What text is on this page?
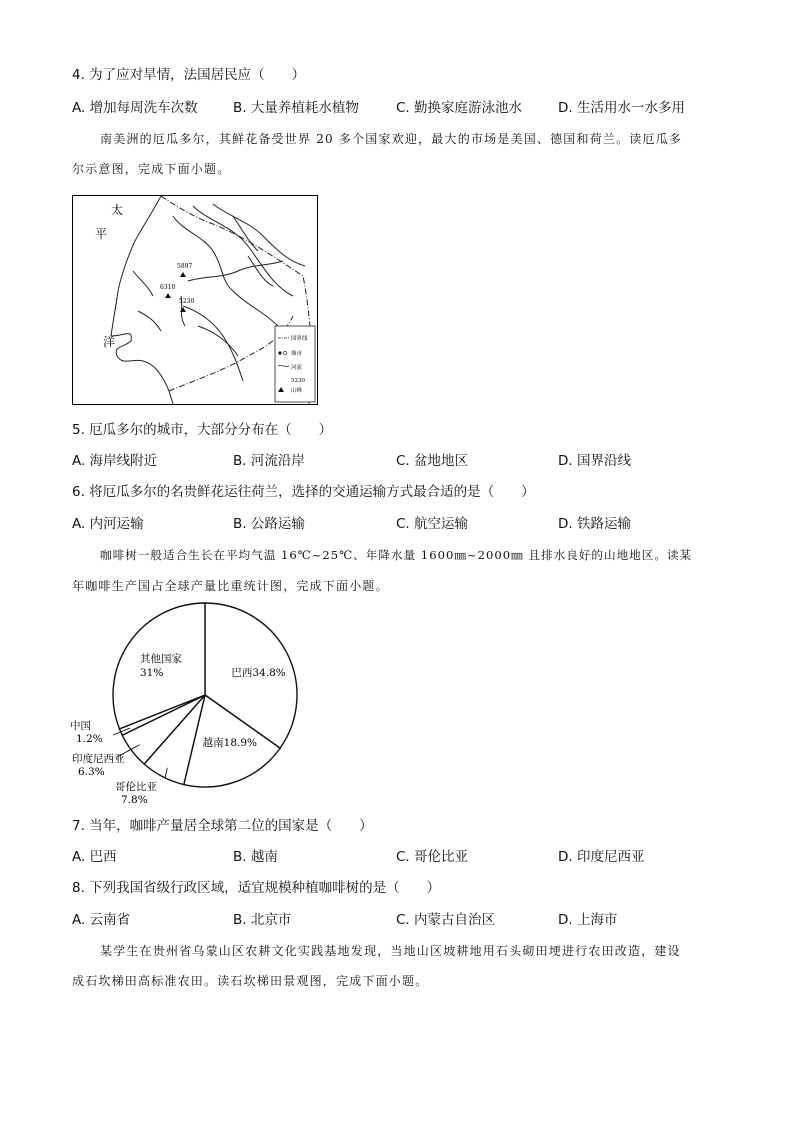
4. 为了应对旱情，法国居民应（　　）
A. 增加每周洗车次数	B. 大量养植耗水植物	C. 勤换家庭游泳池水	D. 生活用水一水多用
南美洲的厄瓜多尔，其鲜花备受世界 20 多个国家欢迎，最大的市场是美国、德国和荷兰。读厄瓜多
尔示意图，完成下面小题。
太
平
洋
5897
6310
5230
国界线
城市
河流
5230
山峰
5. 厄瓜多尔的城市，大部分分布在（　　）
A. 海岸线附近	B. 河流沿岸	C. 盆地地区	D. 国界沿线
6. 将厄瓜多尔的名贵鲜花运往荷兰，选择的交通运输方式最合适的是（　　）
A. 内河运输	B. 公路运输	C. 航空运输	D. 铁路运输
咖啡树一般适合生长在平均气温 16℃~25℃、年降水量 1600㎜~2000㎜ 且排水良好的山地地区。读某
年咖啡生产国占全球产量比重统计图，完成下面小题。
巴西34.8%
越南18.9%
其他国家
31%
中国
1.2%
印度尼西亚
6.3%
哥伦比亚
7.8%
7. 当年，咖啡产量居全球第二位的国家是（　　）
A. 巴西	B. 越南	C. 哥伦比亚	D. 印度尼西亚
8. 下列我国省级行政区域，适宜规模种植咖啡树的是（　　）
A. 云南省	B. 北京市	C. 内蒙古自治区	D. 上海市
某学生在贵州省乌蒙山区农耕文化实践基地发现，当地山区坡耕地用石头砌田埂进行农田改造，建设
成石坎梯田高标准农田。读石坎梯田景观图，完成下面小题。
